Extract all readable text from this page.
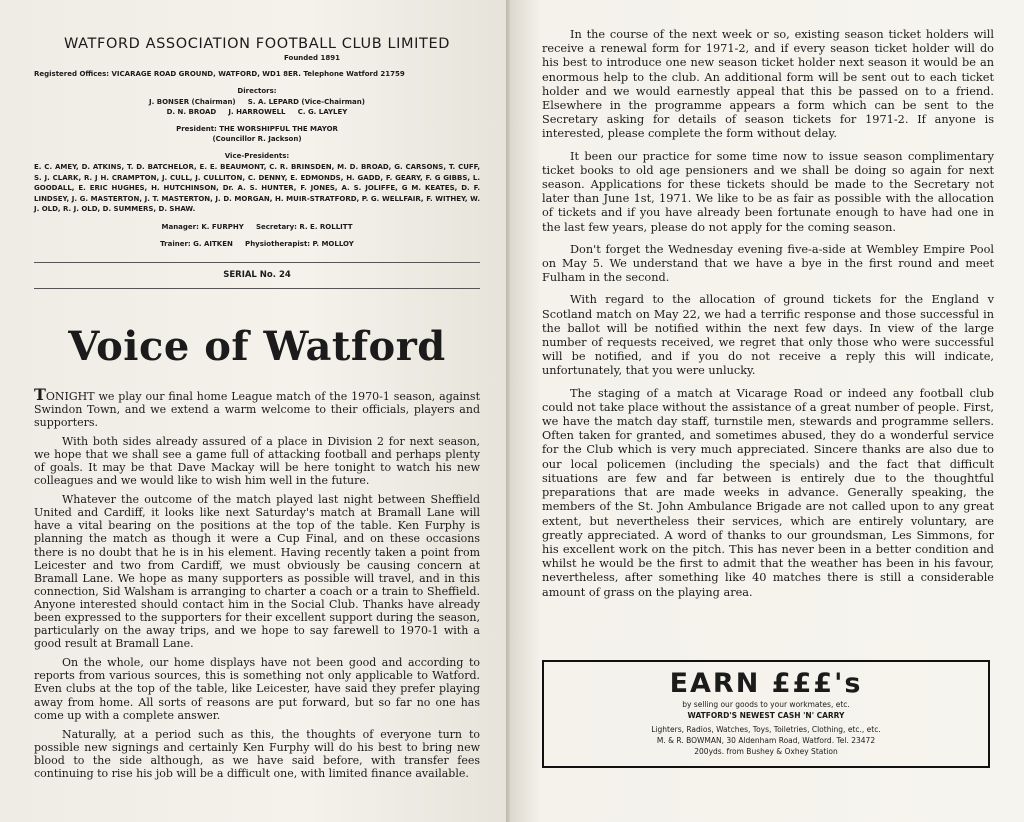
WATFORD ASSOCIATION FOOTBALL CLUB LIMITED
Founded 1891
Registered Offices: VICARAGE ROAD GROUND, WATFORD, WD1 8ER. Telephone Watford 21759
Directors:
J. BONSER (Chairman)     S. A. LEPARD (Vice-Chairman)
D. N. BROAD     J. HARROWELL     C. G. LAYLEY
President: THE WORSHIPFUL THE MAYOR
(Councillor R. Jackson)
Vice-Presidents:
E. C. AMEY, D. ATKINS, T. D. BATCHELOR, E. E. BEAUMONT, C. R. BRINSDEN, M. D. BROAD, G. CARSONS, T. CUFF, S. J. CLARK, R. J H. CRAMPTON, J. CULL, J. CULLITON, C. DENNY, E. EDMONDS, H. GADD, F. GEARY, F. G GIBBS, L. GOODALL, E. ERIC HUGHES, H. HUTCHINSON, Dr. A. S. HUNTER, F. JONES, A. S. JOLIFFE, G M. KEATES, D. F. LINDSEY, J. G. MASTERTON, J. T. MASTERTON, J. D. MORGAN, H. MUIR-STRATFORD, P. G. WELLFAIR, F. WITHEY, W. J. OLD, R. J. OLD, D. SUMMERS, D. SHAW.
Manager: K. FURPHY     Secretary: R. E. ROLLITT
Trainer: G. AITKEN     Physiotherapist: P. MOLLOY
SERIAL No. 24
Voice of Watford

TONIGHT we play our final home League match of the 1970-1 season, against Swindon Town, and we extend a warm welcome to their officials, players and supporters.

With both sides already assured of a place in Division 2 for next season, we hope that we shall see a game full of attacking football and perhaps plenty of goals. It may be that Dave Mackay will be here tonight to watch his new colleagues and we would like to wish him well in the future.

Whatever the outcome of the match played last night between Sheffield United and Cardiff, it looks like next Saturday's match at Bramall Lane will have a vital bearing on the positions at the top of the table. Ken Furphy is planning the match as though it were a Cup Final, and on these occasions there is no doubt that he is in his element. Having recently taken a point from Leicester and two from Cardiff, we must obviously be causing concern at Bramall Lane. We hope as many supporters as possible will travel, and in this connection, Sid Walsham is arranging to charter a coach or a train to Sheffield. Anyone interested should contact him in the Social Club. Thanks have already been expressed to the supporters for their excellent support during the season, particularly on the away trips, and we hope to say farewell to 1970-1 with a good result at Bramall Lane.

On the whole, our home displays have not been good and according to reports from various sources, this is something not only applicable to Watford. Even clubs at the top of the table, like Leicester, have said they prefer playing away from home. All sorts of reasons are put forward, but so far no one has come up with a complete answer.

Naturally, at a period such as this, the thoughts of everyone turn to possible new signings and certainly Ken Furphy will do his best to bring new blood to the side although, as we have said before, with transfer fees continuing to rise his job will be a difficult one, with limited finance available.

In the course of the next week or so, existing season ticket holders will receive a renewal form for 1971-2, and if every season ticket holder will do his best to introduce one new season ticket holder next season it would be an enormous help to the club. An additional form will be sent out to each ticket holder and we would earnestly appeal that this be passed on to a friend. Elsewhere in the programme appears a form which can be sent to the Secretary asking for details of season tickets for 1971-2. If anyone is interested, please complete the form without delay.

It been our practice for some time now to issue season complimentary ticket books to old age pensioners and we shall be doing so again for next season. Applications for these tickets should be made to the Secretary not later than June 1st, 1971. We like to be as fair as possible with the allocation of tickets and if you have already been fortunate enough to have had one in the last few years, please do not apply for the coming season.

Don't forget the Wednesday evening five-a-side at Wembley Empire Pool on May 5. We understand that we have a bye in the first round and meet Fulham in the second.

With regard to the allocation of ground tickets for the England v Scotland match on May 22, we had a terrific response and those successful in the ballot will be notified within the next few days. In view of the large number of requests received, we regret that only those who were successful will be notified, and if you do not receive a reply this will indicate, unfortunately, that you were unlucky.

The staging of a match at Vicarage Road or indeed any football club could not take place without the assistance of a great number of people. First, we have the match day staff, turnstile men, stewards and programme sellers. Often taken for granted, and sometimes abused, they do a wonderful service for the Club which is very much appreciated. Sincere thanks are also due to our local policemen (including the specials) and the fact that difficult situations are few and far between is entirely due to the thoughtful preparations that are made weeks in advance. Generally speaking, the members of the St. John Ambulance Brigade are not called upon to any great extent, but nevertheless their services, which are entirely voluntary, are greatly appreciated. A word of thanks to our groundsman, Les Simmons, for his excellent work on the pitch. This has never been in a better condition and whilst he would be the first to admit that the weather has been in his favour, nevertheless, after something like 40 matches there is still a considerable amount of grass on the playing area.

EARN £££'s
by selling our goods to your workmates, etc.
WATFORD'S NEWEST CASH 'N' CARRY
Lighters, Radios, Watches, Toys, Toiletries, Clothing, etc., etc.
M. & R. BOWMAN, 30 Aldenham Road, Watford. Tel. 23472
200yds. from Bushey & Oxhey Station
